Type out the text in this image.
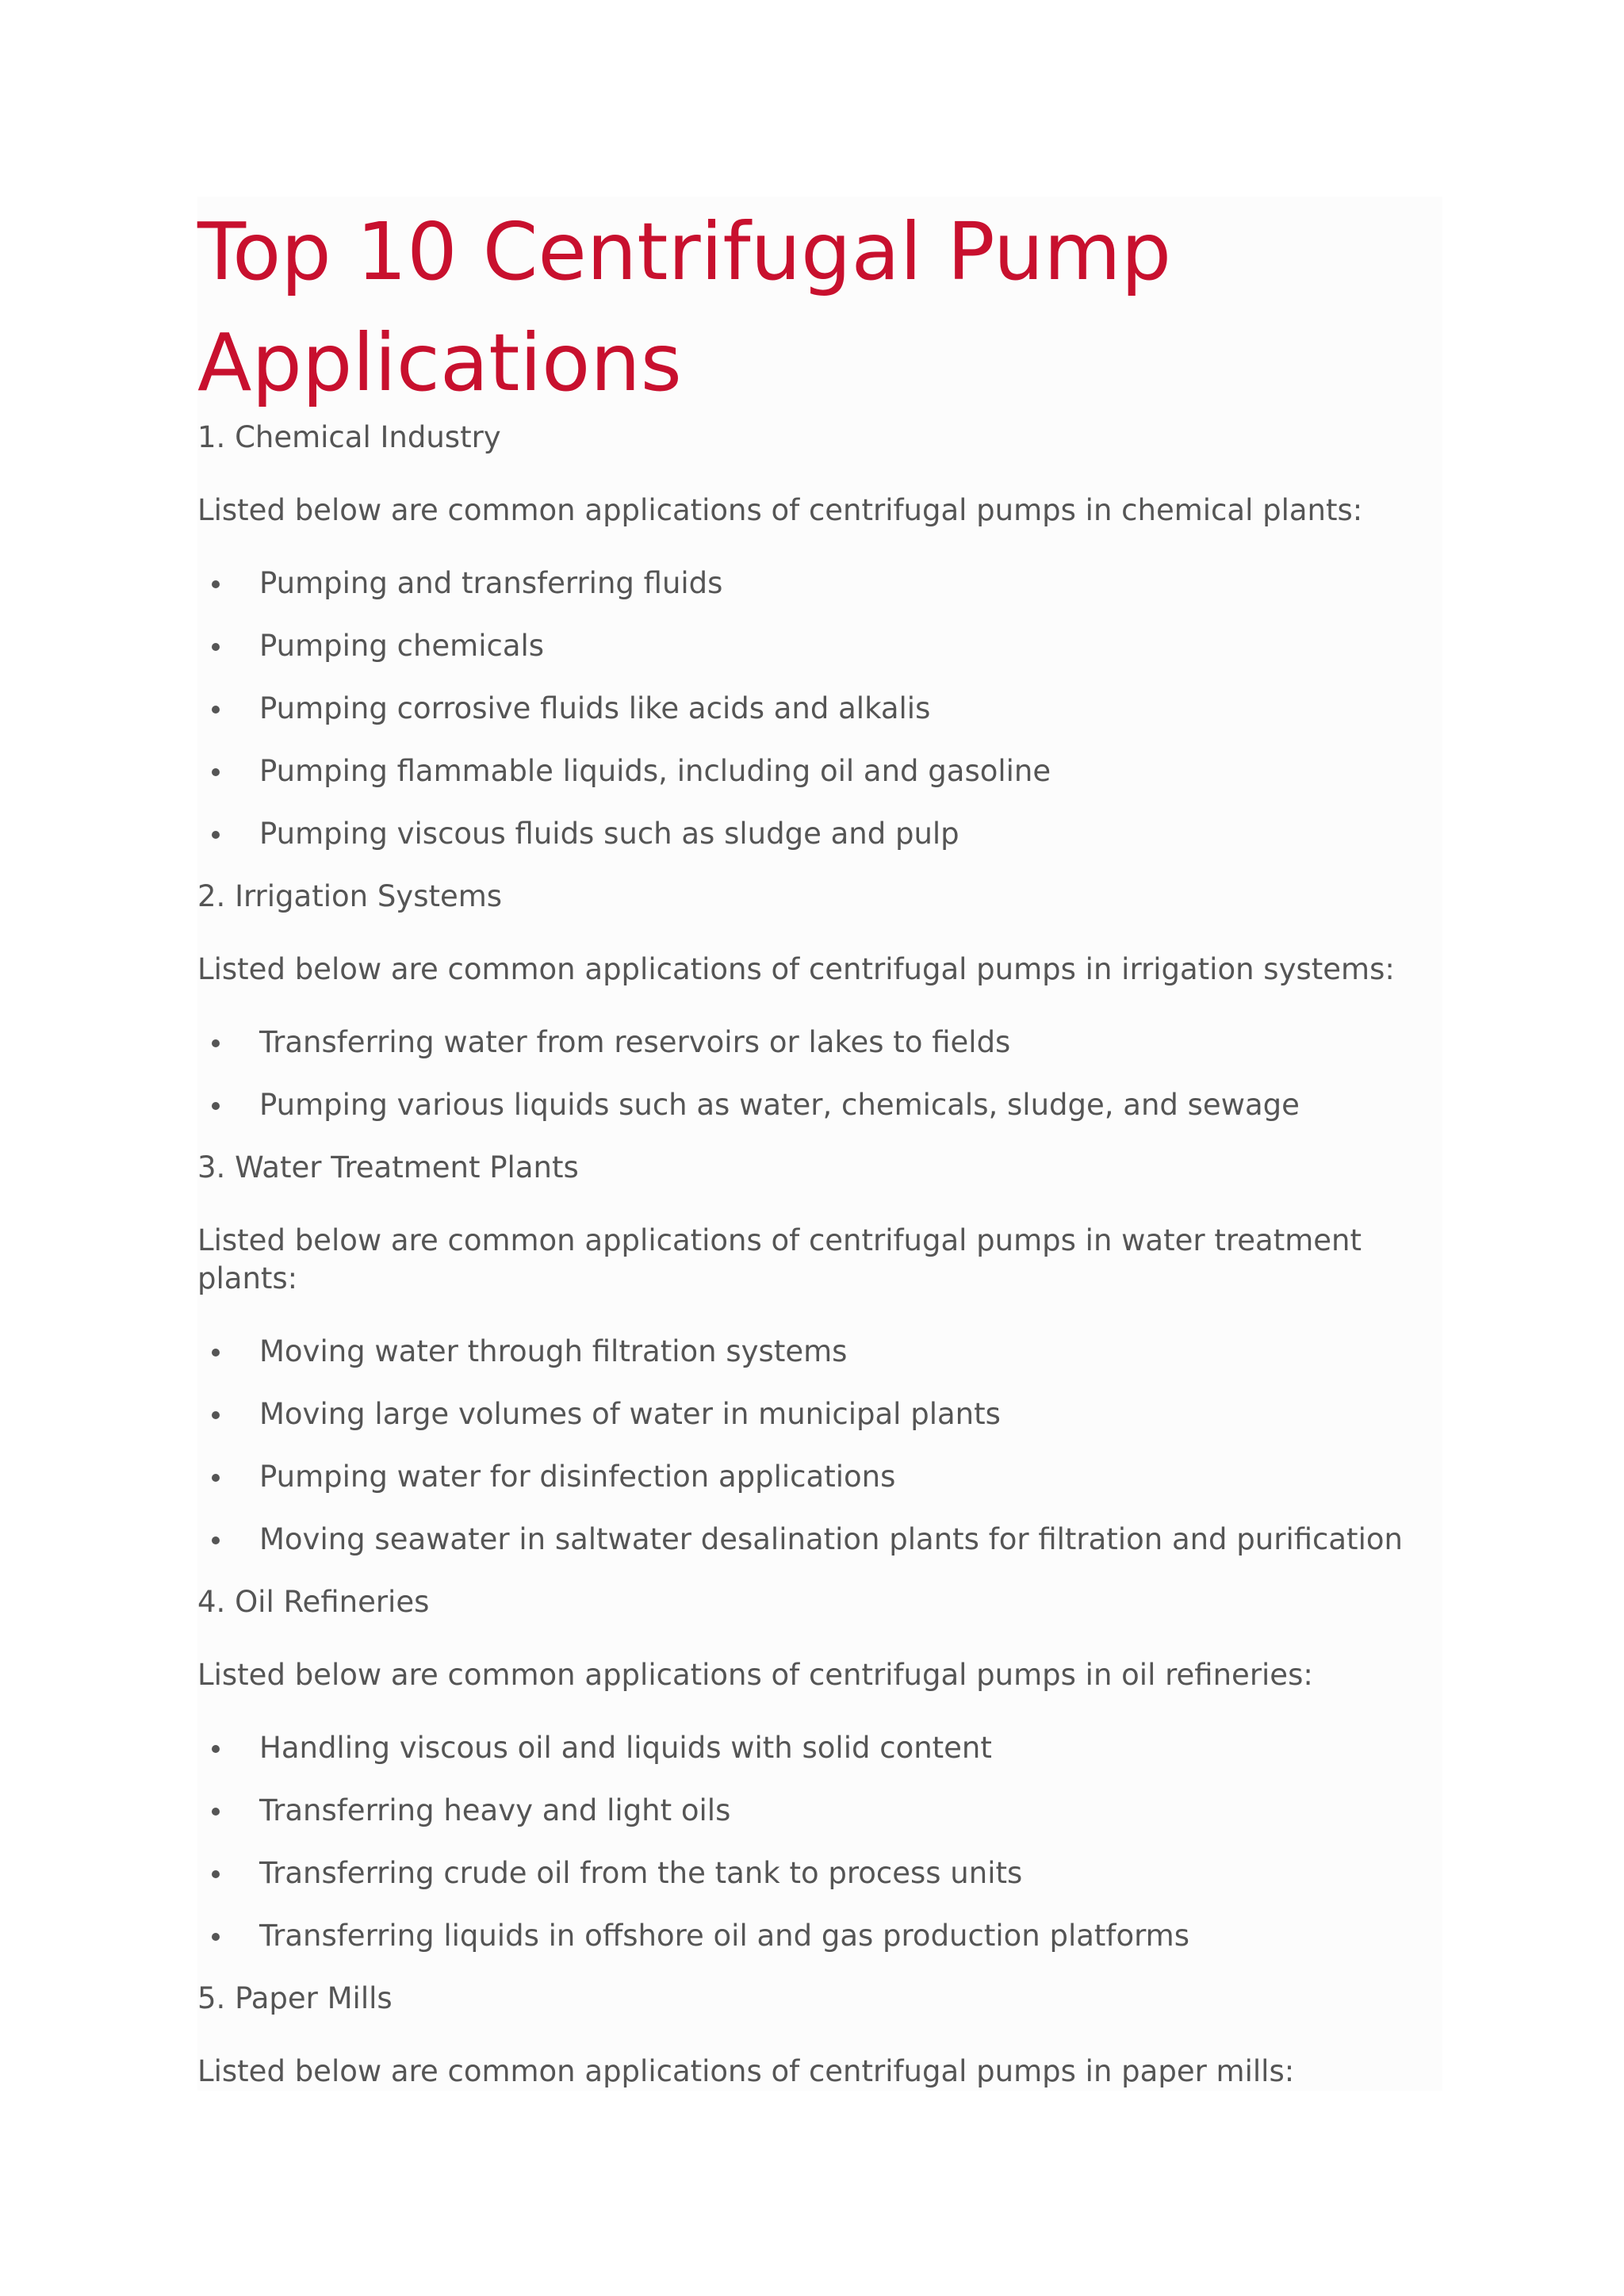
Top 10 Centrifugal Pump
Applications
1. Chemical Industry

Listed below are common applications of centrifugal pumps in chemical plants:

Pumping and transferring fluids
Pumping chemicals
Pumping corrosive fluids like acids and alkalis
Pumping flammable liquids, including oil and gasoline
Pumping viscous fluids such as sludge and pulp
2. Irrigation Systems

Listed below are common applications of centrifugal pumps in irrigation systems:

Transferring water from reservoirs or lakes to fields
Pumping various liquids such as water, chemicals, sludge, and sewage
3. Water Treatment Plants

Listed below are common applications of centrifugal pumps in water treatment plants:

Moving water through filtration systems
Moving large volumes of water in municipal plants
Pumping water for disinfection applications
Moving seawater in saltwater desalination plants for filtration and purification
4. Oil Refineries

Listed below are common applications of centrifugal pumps in oil refineries:

Handling viscous oil and liquids with solid content
Transferring heavy and light oils
Transferring crude oil from the tank to process units
Transferring liquids in offshore oil and gas production platforms
5. Paper Mills

Listed below are common applications of centrifugal pumps in paper mills:
